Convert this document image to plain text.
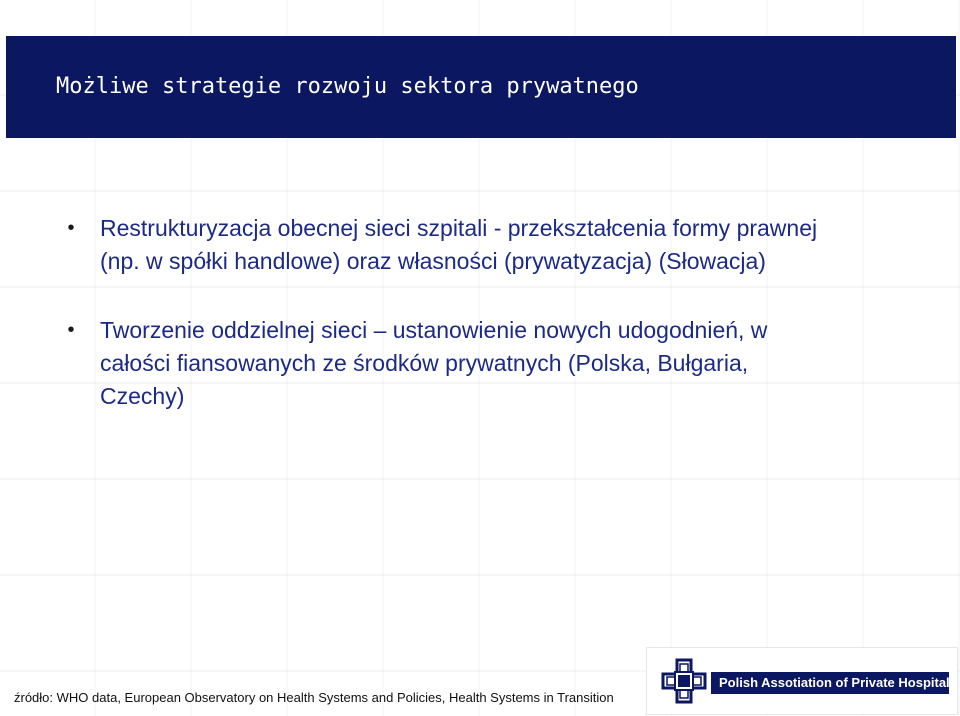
Możliwe strategie rozwoju sektora prywatnego
• Restrukturyzacja obecnej sieci szpitali - przekształcenia formy prawnej (np. w spółki handlowe) oraz własności (prywatyzacja) (Słowacja)
• Tworzenie oddzielnej sieci – ustanowienie nowych udogodnień, w całości fiansowanych ze środków prywatnych (Polska, Bułgaria, Czechy)
źródło: WHO data, European Observatory on Health Systems and Policies, Health Systems in Transition
Polish Assotiation of Private Hospitals
